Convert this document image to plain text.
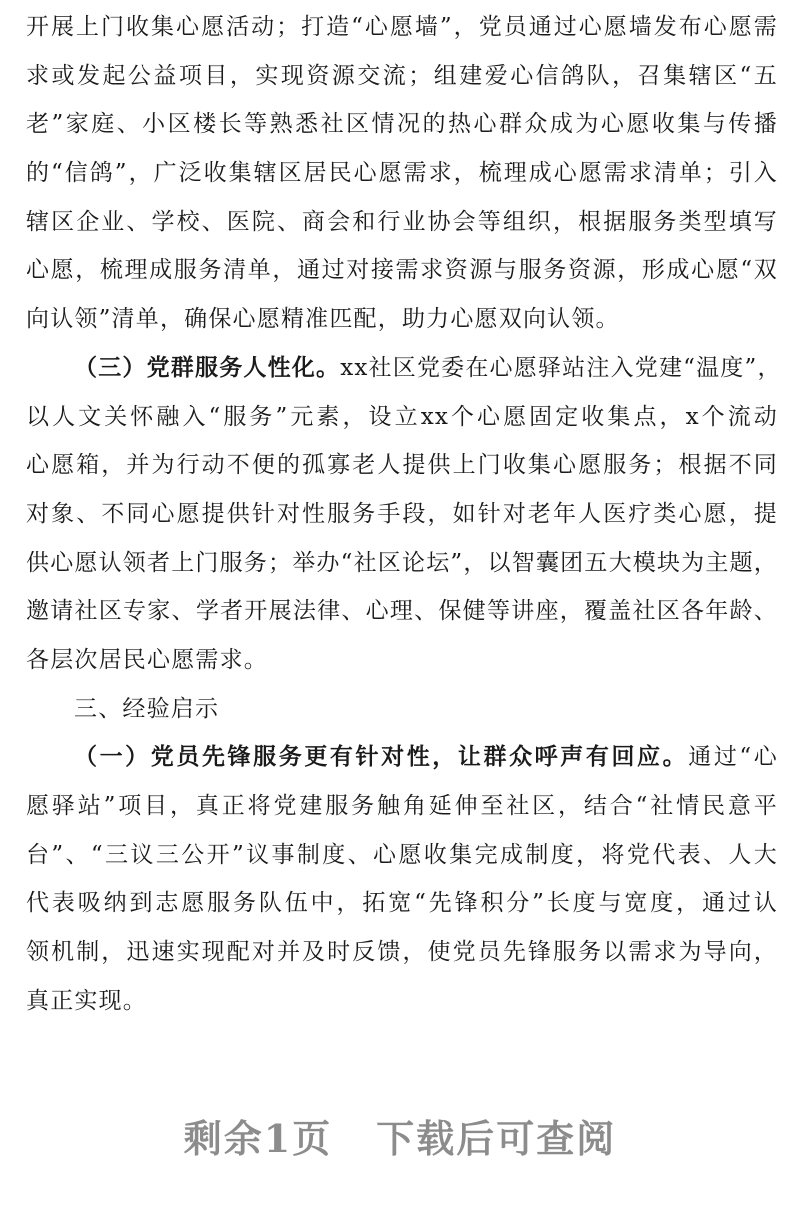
开展上门收集心愿活动；打造“心愿墙”，党员通过心愿墙发布心愿需
求或发起公益项目，实现资源交流；组建爱心信鸽队，召集辖区“五
老”家庭、小区楼长等熟悉社区情况的热心群众成为心愿收集与传播
的“信鸽”，广泛收集辖区居民心愿需求，梳理成心愿需求清单；引入
辖区企业、学校、医院、商会和行业协会等组织，根据服务类型填写
心愿，梳理成服务清单，通过对接需求资源与服务资源，形成心愿“双
向认领”清单，确保心愿精准匹配，助力心愿双向认领。
（三）党群服务人性化。xx社区党委在心愿驿站注入党建“温度”，
以人文关怀融入“服务”元素，设立xx个心愿固定收集点，x个流动
心愿箱，并为行动不便的孤寡老人提供上门收集心愿服务；根据不同
对象、不同心愿提供针对性服务手段，如针对老年人医疗类心愿，提
供心愿认领者上门服务；举办“社区论坛”，以智囊团五大模块为主题，
邀请社区专家、学者开展法律、心理、保健等讲座，覆盖社区各年龄、
各层次居民心愿需求。
三、经验启示
（一）党员先锋服务更有针对性，让群众呼声有回应。通过“心
愿驿站”项目，真正将党建服务触角延伸至社区，结合“社情民意平
台”、“三议三公开”议事制度、心愿收集完成制度，将党代表、人大
代表吸纳到志愿服务队伍中，拓宽“先锋积分”长度与宽度，通过认
领机制，迅速实现配对并及时反馈，使党员先锋服务以需求为导向，
真正实现。
剩余1页 下载后可查阅
